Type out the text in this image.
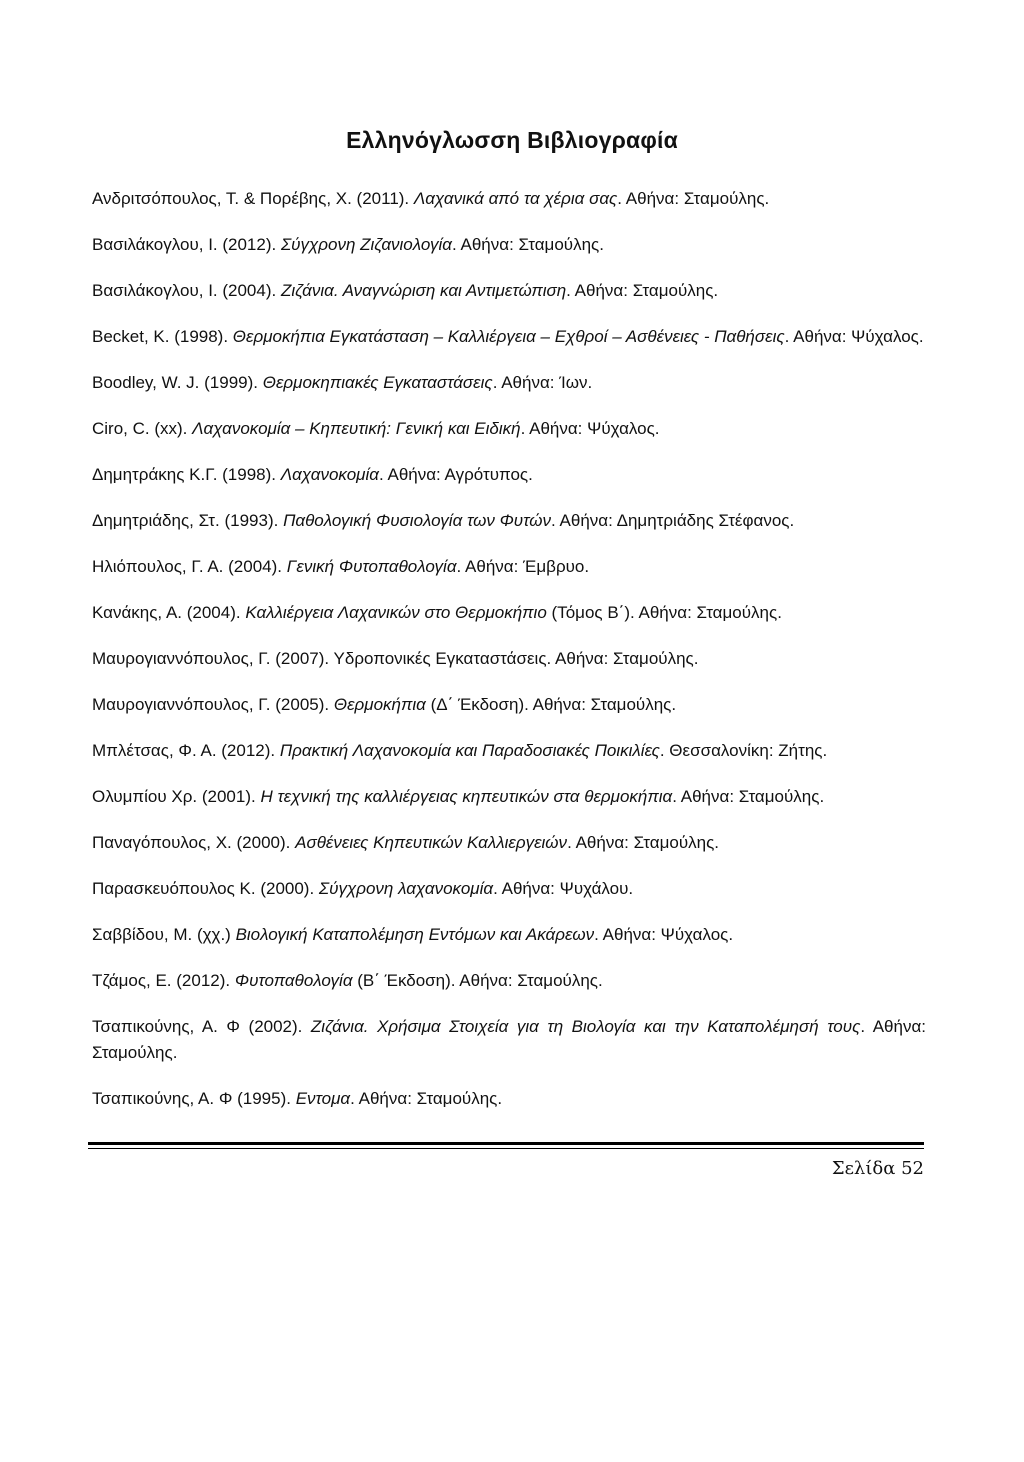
Ελληνόγλωσση Βιβλιογραφία
Ανδριτσόπουλος, Τ. & Πορέβης, Χ. (2011). Λαχανικά από τα χέρια σας. Αθήνα: Σταμούλης.
Βασιλάκογλου, Ι. (2012). Σύγχρονη Ζιζανιολογία. Αθήνα: Σταμούλης.
Βασιλάκογλου, Ι. (2004). Ζιζάνια. Αναγνώριση και Αντιμετώπιση. Αθήνα: Σταμούλης.
Becket, K. (1998). Θερμοκήπια Εγκατάσταση – Καλλιέργεια – Εχθροί – Ασθένειες - Παθήσεις. Αθήνα: Ψύχαλος.
Boodley, W. J. (1999). Θερμοκηπιακές Εγκαταστάσεις. Αθήνα: Ίων.
Ciro, C. (xx). Λαχανοκομία – Κηπευτική: Γενική και Ειδική. Αθήνα: Ψύχαλος.
Δημητράκης Κ.Γ. (1998). Λαχανοκομία. Αθήνα: Αγρότυπος.
Δημητριάδης, Στ. (1993). Παθολογική Φυσιολογία των Φυτών. Αθήνα: Δημητριάδης Στέφανος.
Ηλιόπουλος, Γ. Α. (2004). Γενική Φυτοπαθολογία. Αθήνα: Έμβρυο.
Κανάκης, Α. (2004). Καλλιέργεια Λαχανικών στο Θερμοκήπιο (Τόμος Β΄). Αθήνα: Σταμούλης.
Μαυρογιαννόπουλος, Γ. (2007). Υδροπονικές Εγκαταστάσεις. Αθήνα: Σταμούλης.
Μαυρογιαννόπουλος, Γ. (2005). Θερμοκήπια (Δ΄ Έκδοση). Αθήνα: Σταμούλης.
Μπλέτσας, Φ. Α. (2012). Πρακτική Λαχανοκομία και Παραδοσιακές Ποικιλίες. Θεσσαλονίκη: Ζήτης.
Ολυμπίου Χρ. (2001). Η τεχνική της καλλιέργειας κηπευτικών στα θερμοκήπια. Αθήνα: Σταμούλης.
Παναγόπουλος, Χ. (2000). Ασθένειες Κηπευτικών Καλλιεργειών. Αθήνα: Σταμούλης.
Παρασκευόπουλος Κ. (2000). Σύγχρονη λαχανοκομία. Αθήνα: Ψυχάλου.
Σαββίδου, Μ. (χχ.) Βιολογική Καταπολέμηση Εντόμων και Ακάρεων. Αθήνα: Ψύχαλος.
Τζάμος, Ε. (2012). Φυτοπαθολογία (Β΄ Έκδοση). Αθήνα: Σταμούλης.
Τσαπικούνης, Α. Φ (2002). Ζιζάνια. Χρήσιμα Στοιχεία για τη Βιολογία και την Καταπολέμησή τους. Αθήνα: Σταμούλης.
Τσαπικούνης, Α. Φ (1995). Εντομα. Αθήνα: Σταμούλης.
Σελίδα 52
